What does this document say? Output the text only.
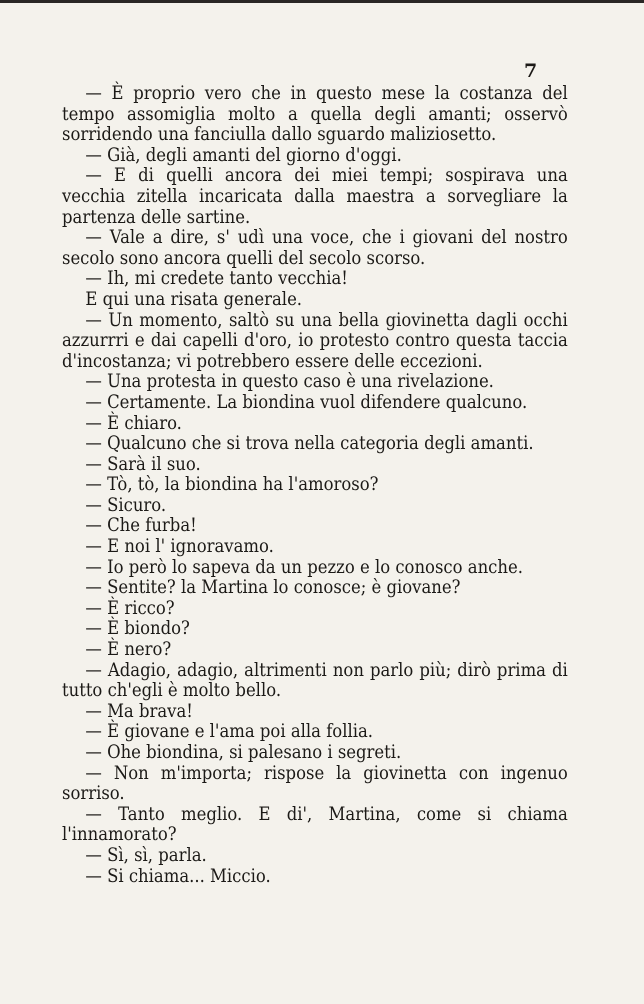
7

— È proprio vero che in questo mese la costanza del tempo assomiglia molto a quella degli amanti; osservò sorridendo una fanciulla dallo sguardo maliziosetto.

— Già, degli amanti del giorno d'oggi.

— E di quelli ancora dei miei tempi; sospirava una vecchia zitella incaricata dalla maestra a sorvegliare la partenza delle sartine.

— Vale a dire, s' udì una voce, che i giovani del nostro secolo sono ancora quelli del secolo scorso.

— Ih, mi credete tanto vecchia!

E qui una risata generale.

— Un momento, saltò su una bella giovinetta dagli occhi azzurrri e dai capelli d'oro, io protesto contro questa taccia d'incostanza; vi potrebbero essere delle eccezioni.

— Una protesta in questo caso è una rivelazione.

— Certamente. La biondina vuol difendere qualcuno.

— È chiaro.

— Qualcuno che si trova nella categoria degli amanti.

— Sarà il suo.

— Tò, tò, la biondina ha l'amoroso?

— Sicuro.

— Che furba!

— E noi l' ignoravamo.

— Io però lo sapeva da un pezzo e lo conosco anche.

— Sentite? la Martina lo conosce; è giovane?

— È ricco?

— È biondo?

— È nero?

— Adagio, adagio, altrimenti non parlo più; dirò prima di tutto ch'egli è molto bello.

— Ma brava!

— È giovane e l'ama poi alla follia.

— Ohe biondina, si palesano i segreti.

— Non m'importa; rispose la giovinetta con ingenuo sorriso.

— Tanto meglio. E di', Martina, come si chiama l'innamorato?

— Sì, sì, parla.

— Si chiama... Miccio.
